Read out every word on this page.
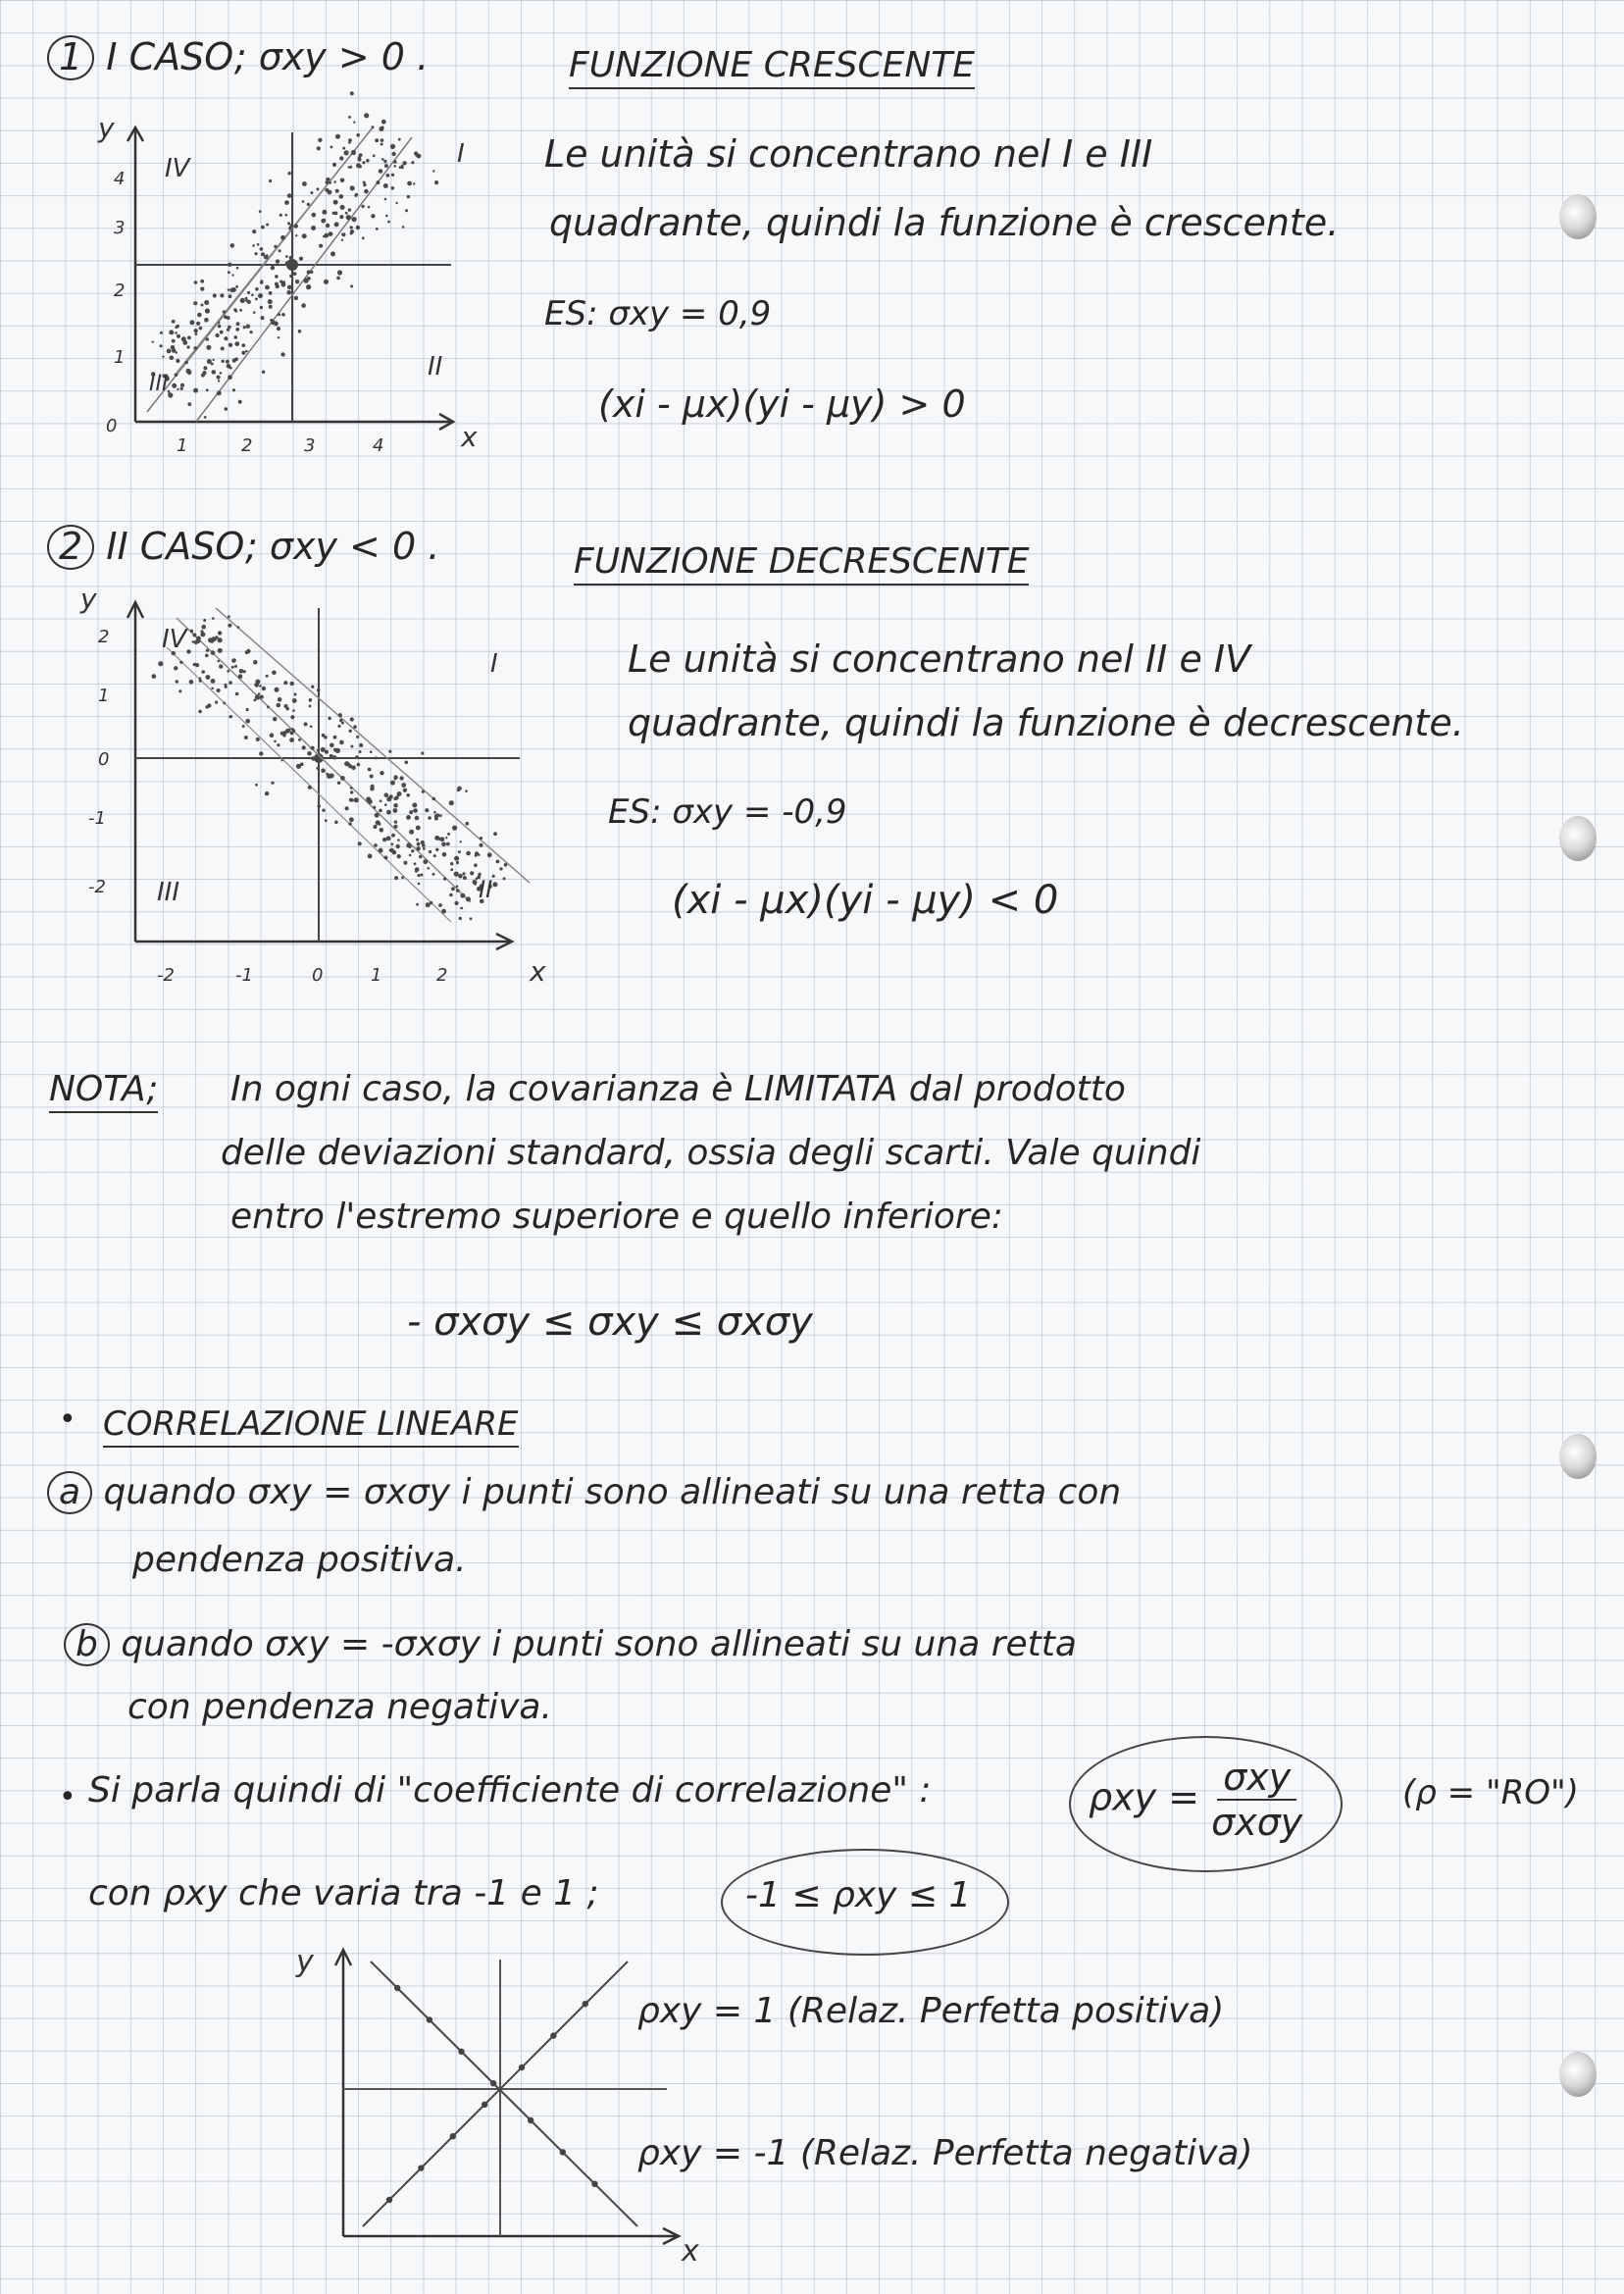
1 I CASO; σxy > 0 .	FUNZIONE CRESCENTE
y
x
0
1
2
3
4
1	2	3	4
I
II
III
IV	Le unità si concentrano nel I e III
quadrante, quindi la funzione è crescente.
ES: σxy = 0,9
(xi - μx)(yi - μy) > 0
2 II CASO; σxy < 0 .	FUNZIONE DECRESCENTE
y
x
2
1
0
-1
-2
-2	-1	0	1	2
I
II
III
IV	Le unità si concentrano nel II e IV
quadrante, quindi la funzione è decrescente.
ES: σxy = -0,9
(xi - μx)(yi - μy) < 0
NOTA; In ogni caso, la covarianza è LIMITATA dal prodotto
delle deviazioni standard, ossia degli scarti. Vale quindi
entro l'estremo superiore e quello inferiore:
- σxσy ≤ σxy ≤ σxσy
• CORRELAZIONE LINEARE
a quando σxy = σxσy i punti sono allineati su una retta con
pendenza positiva.
b quando σxy = -σxσy i punti sono allineati su una retta
con pendenza negativa.
• Si parla quindi di "coefficiente di correlazione" :	$\rho xy = \frac{\text{σxy}}{\text{σxσy}}$	(ρ = "RO")
con ρxy che varia tra -1 e 1 ;	-1 ≤ ρxy ≤ 1
y
x
ρxy = 1 (Relaz. Perfetta positiva)
ρxy = -1 (Relaz. Perfetta negativa)
